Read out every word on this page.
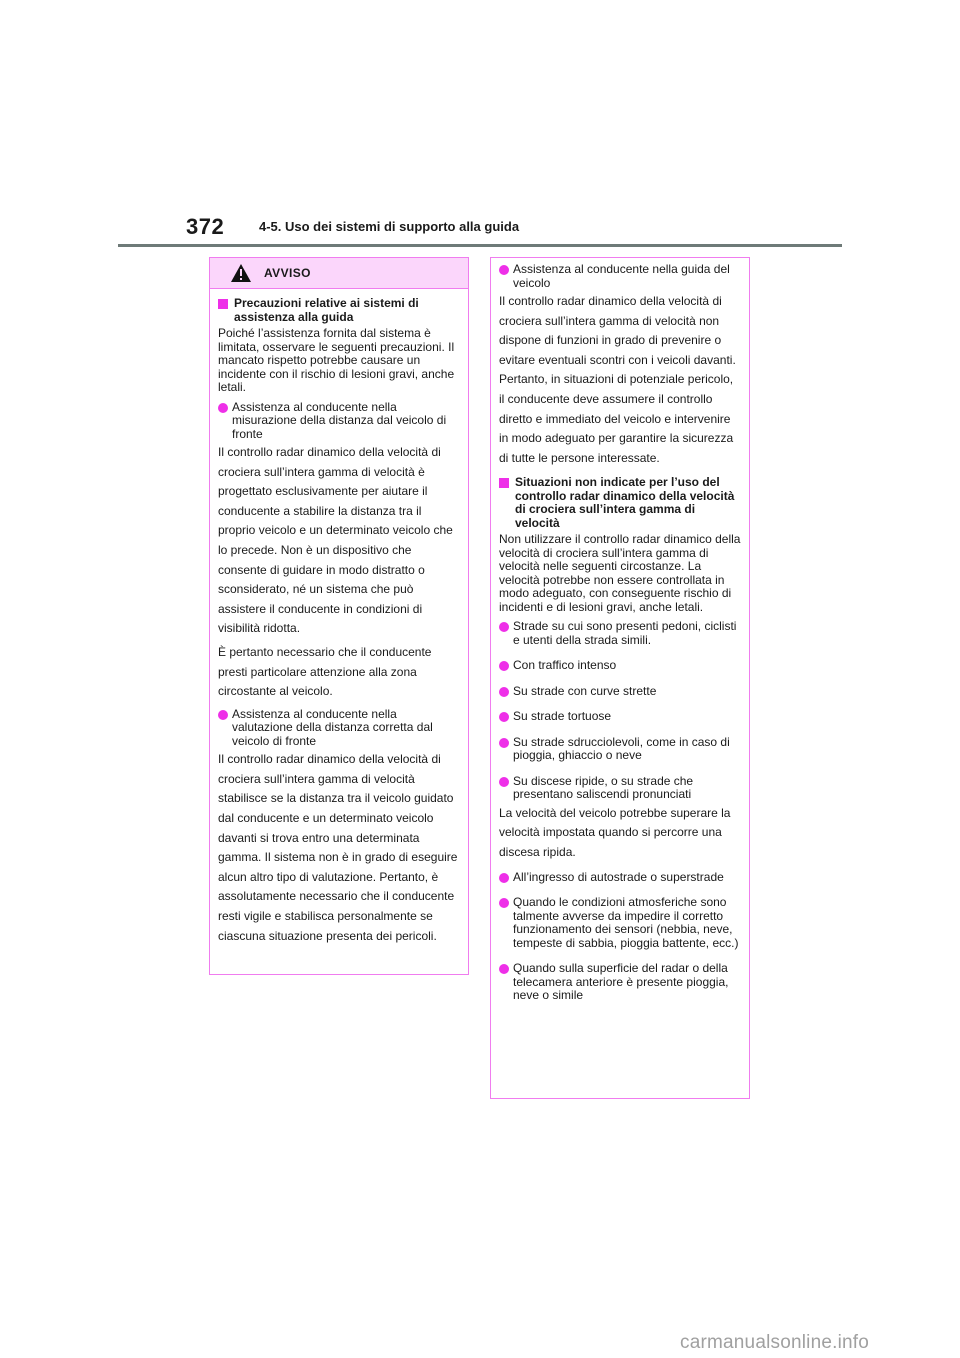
372	4-5. Uso dei sistemi di supporto alla guida
AVVISO
Precauzioni relative ai sistemi di assistenza alla guida
Poiché l’assistenza fornita dal sistema è limitata, osservare le seguenti precauzioni. Il mancato rispetto potrebbe causare un incidente con il rischio di lesioni gravi, anche letali.
Assistenza al conducente nella misurazione della distanza dal veicolo di fronte
Il controllo radar dinamico della velocità di crociera sull’intera gamma di velocità è progettato esclusivamente per aiutare il conducente a stabilire la distanza tra il proprio veicolo e un determinato veicolo che lo precede. Non è un dispositivo che consente di guidare in modo distratto o sconsiderato, né un sistema che può assistere il conducente in condizioni di visibilità ridotta.
È pertanto necessario che il conducente presti particolare attenzione alla zona circostante al veicolo.
Assistenza al conducente nella valutazione della distanza corretta dal veicolo di fronte
Il controllo radar dinamico della velocità di crociera sull’intera gamma di velocità stabilisce se la distanza tra il veicolo guidato dal conducente e un determinato veicolo davanti si trova entro una determinata gamma. Il sistema non è in grado di eseguire alcun altro tipo di valutazione. Pertanto, è assolutamente necessario che il conducente resti vigile e stabilisca personalmente se ciascuna situazione presenta dei pericoli.
Assistenza al conducente nella guida del veicolo
Il controllo radar dinamico della velocità di crociera sull’intera gamma di velocità non dispone di funzioni in grado di prevenire o evitare eventuali scontri con i veicoli davanti. Pertanto, in situazioni di potenziale pericolo, il conducente deve assumere il controllo diretto e immediato del veicolo e intervenire in modo adeguato per garantire la sicurezza di tutte le persone interessate.
Situazioni non indicate per l’uso del controllo radar dinamico della velocità di crociera sull’intera gamma di velocità
Non utilizzare il controllo radar dinamico della velocità di crociera sull’intera gamma di velocità nelle seguenti circostanze. La velocità potrebbe non essere controllata in modo adeguato, con conseguente rischio di incidenti e di lesioni gravi, anche letali.
Strade su cui sono presenti pedoni, ciclisti e utenti della strada simili.
Con traffico intenso
Su strade con curve strette
Su strade tortuose
Su strade sdrucciolevoli, come in caso di pioggia, ghiaccio o neve
Su discese ripide, o su strade che presentano saliscendi pronunciati
La velocità del veicolo potrebbe superare la velocità impostata quando si percorre una discesa ripida.
All’ingresso di autostrade o superstrade
Quando le condizioni atmosferiche sono talmente avverse da impedire il corretto funzionamento dei sensori (nebbia, neve, tempeste di sabbia, pioggia battente, ecc.)
Quando sulla superficie del radar o della telecamera anteriore è presente pioggia, neve o simile
carmanualsonline.info
